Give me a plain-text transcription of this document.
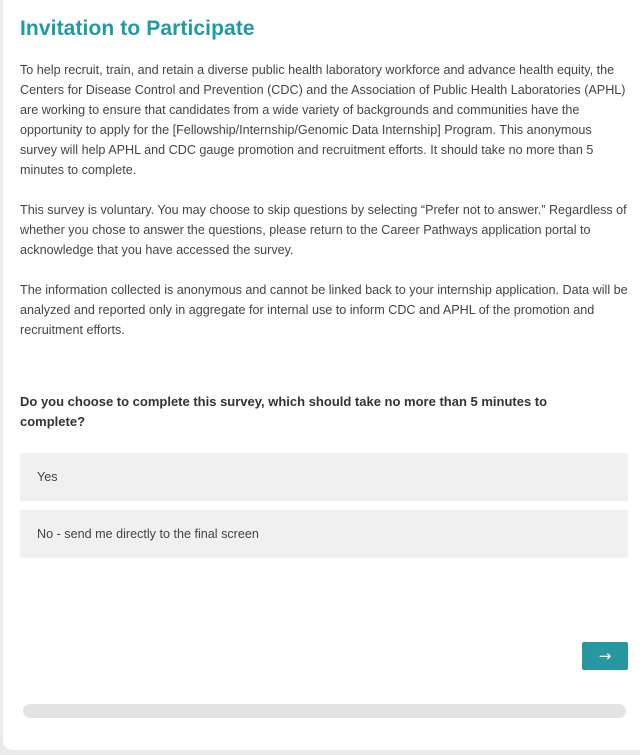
Invitation to Participate

To help recruit, train, and retain a diverse public health laboratory workforce and advance health equity, the Centers for Disease Control and Prevention (CDC) and the Association of Public Health Laboratories (APHL) are working to ensure that candidates from a wide variety of backgrounds and communities have the opportunity to apply for the [Fellowship/Internship/Genomic Data Internship] Program. This anonymous survey will help APHL and CDC gauge promotion and recruitment efforts. It should take no more than 5 minutes to complete.

This survey is voluntary. You may choose to skip questions by selecting “Prefer not to answer.” Regardless of whether you chose to answer the questions, please return to the Career Pathways application portal to acknowledge that you have accessed the survey.

The information collected is anonymous and cannot be linked back to your internship application. Data will be analyzed and reported only in aggregate for internal use to inform CDC and APHL of the promotion and recruitment efforts.

Do you choose to complete this survey, which should take no more than 5 minutes to complete?
Yes
No - send me directly to the final screen
→
